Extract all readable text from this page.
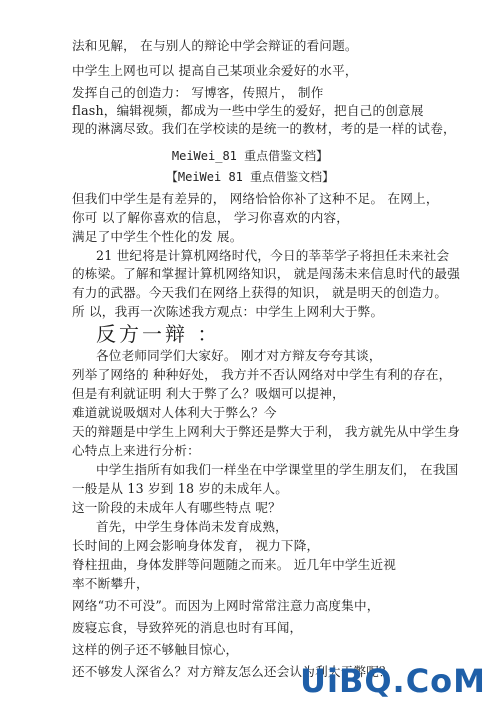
法和见解， 在与别人的辩论中学会辩证的看问题。
中学生上网也可以 提高自己某项业余爱好的水平，
发挥自己的创造力： 写博客，传照片， 制作
flash，编辑视频，都成为一些中学生的爱好，把自己的创意展
现的淋漓尽致。我们在学校读的是统一的教材，考的是一样的试卷，
MeiWei_81 重点借鉴文档】
【MeiWei 81 重点借鉴文档】
但我们中学生是有差异的， 网络恰恰你补了这种不足。 在网上，
你可 以了解你喜欢的信息， 学习你喜欢的内容，
满足了中学生个性化的发 展。
21 世纪将是计算机网络时代，今日的莘莘学子将担任未来社会
的栋梁。了解和掌握计算机网络知识， 就是闯荡未来信息时代的最强
有力的武器。今天我们在网络上获得的知识， 就是明天的创造力。
所 以，我再一次陈述我方观点：中学生上网利大于弊。
反方一辩 ：
各位老师同学们大家好。 刚才对方辩友夸夸其谈，
列举了网络的 种种好处， 我方并不否认网络对中学生有利的存在，
但是有利就证明 利大于弊了么？吸烟可以提神，
难道就说吸烟对人体利大于弊么？今
天的辩题是中学生上网利大于弊还是弊大于利， 我方就先从中学生身
心特点上来进行分析：
中学生指所有如我们一样坐在中学课堂里的学生朋友们， 在我国
一般是从 13 岁到 18 岁的未成年人。
这一阶段的未成年人有哪些特点 呢？
首先，中学生身体尚未发育成熟，
长时间的上网会影响身体发育， 视力下降，
脊柱扭曲，身体发胖等问题随之而来。 近几年中学生近视
率不断攀升，
网络“功不可没”。而因为上网时常常注意力高度集中，
废寝忘食，导致猝死的消息也时有耳闻，
这样的例子还不够触目惊心，
还不够发人深省么？对方辩友怎么还会认为利大于弊呢？
UiBQ.CoM
